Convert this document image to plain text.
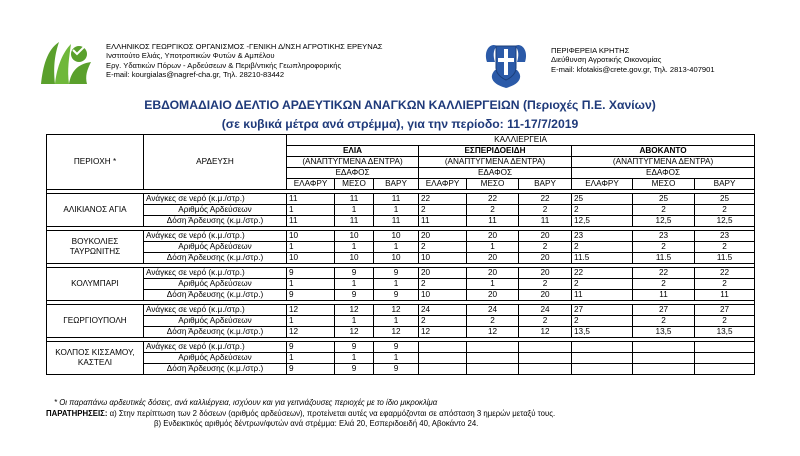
ΕΛΛΗΝΙΚΟΣ ΓΕΩΡΓΙΚΟΣ ΟΡΓΑΝΙΣΜΟΣ -ΓΕΝΙΚΗ Δ/ΝΣΗ ΑΓΡΟΤΙΚΗΣ ΕΡΕΥΝΑΣ
Ινστιτούτο Ελιάς, Υποτροπικών Φυτών & Αμπέλου
Εργ. Υδατικών Πόρων - Αρδεύσεων & Περιβ/ντικής Γεωπληροφορικής
E-mail: kourgialas@nagref-cha.gr, Τηλ. 28210-83442
ΠΕΡΙΦΕΡΕΙΑ ΚΡΗΤΗΣ
Διεύθυνση Αγροτικής Οικονομίας
E-mail: kfotakis@crete.gov.gr, Τηλ. 2813-407901
ΕΒΔΟΜΑΔΙΑΙΟ ΔΕΛΤΙΟ ΑΡΔΕΥΤΙΚΩΝ ΑΝΑΓΚΩΝ ΚΑΛΛΙΕΡΓΕΙΩΝ (Περιοχές Π.Ε. Χανίων)
(σε κυβικά μέτρα ανά στρέμμα), για την περίοδο: 11-17/7/2019
		ΚΑΛΛΙΕΡΓΕΙΑ								
		ΕΛΙΑ			ΕΣΠΕΡΙΔΟΕΙΔΗ			ΑΒΟΚΑΝΤΟ		
ΠΕΡΙΟΧΗ *	ΑΡΔΕΥΣΗ	(ΑΝΑΠΤΥΓΜΕΝΑ ΔΕΝΤΡΑ)			(ΑΝΑΠΤΥΓΜΕΝΑ ΔΕΝΤΡΑ)			(ΑΝΑΠΤΥΓΜΕΝΑ ΔΕΝΤΡΑ)		
		ΕΔΑΦΟΣ			ΕΔΑΦΟΣ			ΕΔΑΦΟΣ		
		ΕΛΑΦΡΥ	ΜΕΣΟ	ΒΑΡΥ	ΕΛΑΦΡΥ	ΜΕΣΟ	ΒΑΡΥ	ΕΛΑΦΡΥ	ΜΕΣΟ	ΒΑΡΥ

ΑΛΙΚΙΑΝΟΣ ΑΓΙΑ	Ανάγκες σε νερό (κ.μ./στρ.)	11	11	11	22	22	22	25	25	25
	Αριθμός Αρδεύσεων	1	1	1	2	2	2	2	2	2
	Δόση Άρδευσης (κ.μ./στρ.)	11	11	11	11	11	11	12,5	12,5	12,5

ΒΟΥΚΟΛΙΕΣ ΤΑΥΡΩΝΙΤΗΣ	Ανάγκες σε νερό (κ.μ./στρ.)	10	10	10	20	20	20	23	23	23
	Αριθμός Αρδεύσεων	1	1	1	2	1	2	2	2	2
	Δόση Άρδευσης (κ.μ./στρ.)	10	10	10	10	20	20	11.5	11.5	11.5

ΚΟΛΥΜΠΑΡΙ	Ανάγκες σε νερό (κ.μ./στρ.)	9	9	9	20	20	20	22	22	22
	Αριθμός Αρδεύσεων	1	1	1	2	1	2	2	2	2
	Δόση Άρδευσης (κ.μ./στρ.)	9	9	9	10	20	20	11	11	11

ΓΕΩΡΓΙΟΥΠΟΛΗ	Ανάγκες σε νερό (κ.μ./στρ.)	12	12	12	24	24	24	27	27	27
	Αριθμός Αρδεύσεων	1	1	1	2	2	2	2	2	2
	Δόση Άρδευσης (κ.μ./στρ.)	12	12	12	12	12	12	13,5	13,5	13,5

ΚΟΛΠΟΣ ΚΙΣΣΑΜΟΥ, ΚΑΣΤΕΛΙ	Ανάγκες σε νερό (κ.μ./στρ.)	9	9	9						
	Αριθμός Αρδεύσεων	1	1	1						
	Δόση Άρδευσης (κ.μ./στρ.)	9	9	9						
* Οι παραπάνω αρδευτικές δόσεις, ανά καλλιέργεια, ισχύουν και για γειτνιάζουσες περιοχές με το ίδιο μικροκλίμα
ΠΑΡΑΤΗΡΗΣΕΙΣ: α) Στην περίπτωση των 2 δόσεων (αριθμός αρδεύσεων), προτείνεται αυτές να εφαρμόζονται σε απόσταση 3 ημερών μεταξύ τους.
β) Ενδεικτικός αριθμός δέντρων/φυτών ανά στρέμμα: Ελιά 20, Εσπεριδοειδή 40, Αβοκάντο 24.
